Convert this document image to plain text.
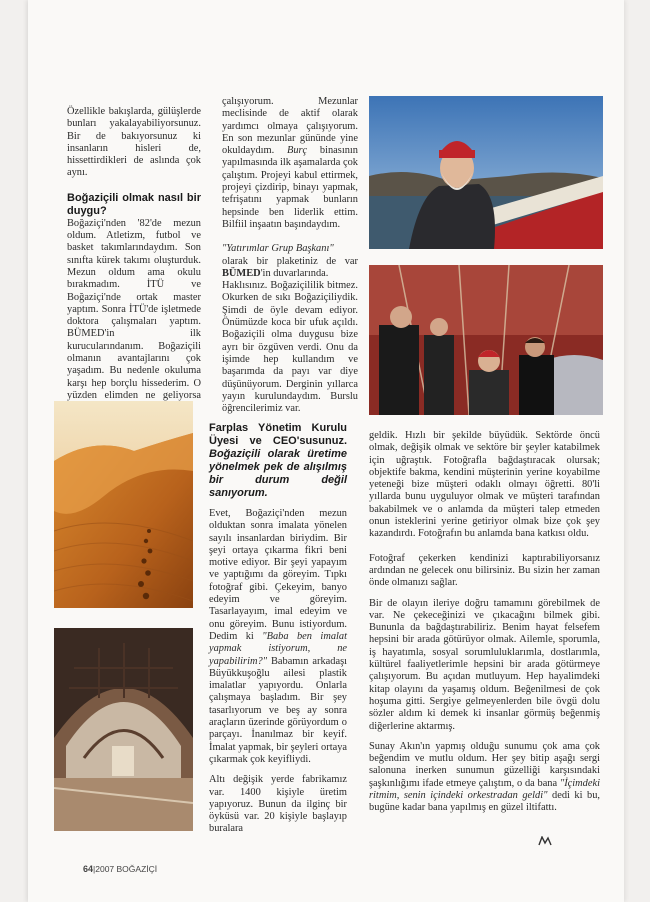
Özellikle bakışlarda, gülüşlerde bunları yakalayabiliyorsunuz. Bir de bakıyorsunuz ki insanların hisleri de, hissettirdikleri de aslında çok aynı.

Boğaziçili olmak nasıl bir duygu?

Boğaziçi'nden '82'de mezun oldum. Atletizm, futbol ve basket takımlarındaydım. Son sınıfta kürek takımı oluşturduk. Mezun oldum ama okulu bırakmadım. İTÜ ve Boğaziçi'nde ortak master yaptım. Sonra İTÜ'de işletmede doktora çalışmaları yaptım. BÜMED'in ilk kurucularındanım. Boğaziçili olmanın avantajlarını çok yaşadım. Bu nedenle okuluma karşı hep borçlu hissederim. O yüzden elimden ne geliyorsa

çalışıyorum. Mezunlar meclisinde de aktif olarak yardımcı olmaya çalışıyorum. En son mezunlar gününde yine okuldaydım. Burç binasının yapılmasında ilk aşamalarda çok çalıştım. Projeyi kabul ettirmek, projeyi çizdirip, binayı yapmak, tefrişatını yapmak bunların hepsinde ben liderlik ettim. Bilfiil inşaatın başındaydım.

"Yatırımlar Grup Başkanı"

olarak bir plaketiniz de var BÜMED'in duvarlarında.

Haklısınız. Boğaziçililik bitmez. Okurken de sıkı Boğaziçiliydik. Şimdi de öyle devam ediyor. Önümüzde koca bir ufuk açıldı. Boğaziçili olma duygusu bize ayrı bir özgüven verdi. Onu da işimde hep kullandım ve başarımda da payı var diye düşünüyorum. Derginin yıllarca yayın kurulundaydım. Burslu öğrencilerimiz var.

Farplas Yönetim Kurulu Üyesi ve CEO'susunuz. Boğaziçili olarak üretime yönelmek pek de alışılmış bir durum değil sanıyorum.

Evet, Boğaziçi'nden mezun olduktan sonra imalata yönelen sayılı insanlardan biriydim. Bir şeyi ortaya çıkarma fikri beni motive ediyor. Bir şeyi yapayım ve yaptığımı da göreyim. Tıpkı fotoğraf gibi. Çekeyim, banyo edeyim ve göreyim. Tasarlayayım, imal edeyim ve onu göreyim. Bunu istiyordum. Dedim ki "Baba ben imalat yapmak istiyorum, ne yapabilirim?" Babamın arkadaşı Büyükkuşoğlu ailesi plastik imalatlar yapıyordu. Onlarla çalışmaya başladım. Bir şey tasarlıyorum ve beş ay sonra araçların üzerinde görüyordum o parçayı. İnanılmaz bir keyif. İmalat yapmak, bir şeyleri ortaya çıkarmak çok keyifliydi.

Altı değişik yerde fabrikamız var. 1400 kişiyle üretim yapıyoruz. Bunun da ilginç bir öyküsü var. 20 kişiyle başlayıp buralara

geldik. Hızlı bir şekilde büyüdük. Sektörde öncü olmak, değişik olmak ve sektöre bir şeyler katabilmek için uğraştık. Fotoğrafla bağdaştıracak olursak; objektife bakma, kendini müşterinin yerine koyabilme yeteneği bize müşteri odaklı olmayı öğretti. 80'li yıllarda bunu uyguluyor olmak ve müşteri tarafından bakabilmek ve o anlamda da müşteri talep etmeden onun isteklerini yerine getiriyor olmak bize çok şey kazandırdı. Fotoğrafın bu anlamda bana katkısı oldu.

Fotoğraf çekerken kendinizi kaptırabiliyorsanız ardından ne gelecek onu bilirsiniz. Bu sizin her zaman önde olmanızı sağlar.

Bir de olayın ileriye doğru tamamını görebilmek de var. Ne çekeceğinizi ve çıkacağını bilmek gibi. Bununla da bağdaştırabiliriz. Benim hayat felsefem hepsini bir arada götürüyor olmak. Ailemle, sporumla, iş hayatımla, sosyal sorumluluklarımla, dostlarımla, kültürel faaliyetlerimle hepsini bir arada götürmeye çalışıyorum. Bu açıdan mutluyum. Hep hayalimdeki kitap olayını da yaşamış oldum. Beğenilmesi de çok hoşuma gitti. Sergiye gelmeyenlerden bile övgü dolu sözler aldım ki demek ki insanlar görmüş beğenmiş diğerlerine aktarmış.

Sunay Akın'ın yapmış olduğu sunumu çok ama çok beğendim ve mutlu oldum. Her şey bitip aşağı sergi salonuna inerken sunumun güzelliği karşısındaki şaşkınlığımı ifade etmeye çalıştım, o da bana "İçimdeki ritmim, senin içindeki orkestradan geldi" dedi ki bu, bugüne kadar bana yapılmış en güzel iltifattı.

64|2007 BOĞAZİÇİ
